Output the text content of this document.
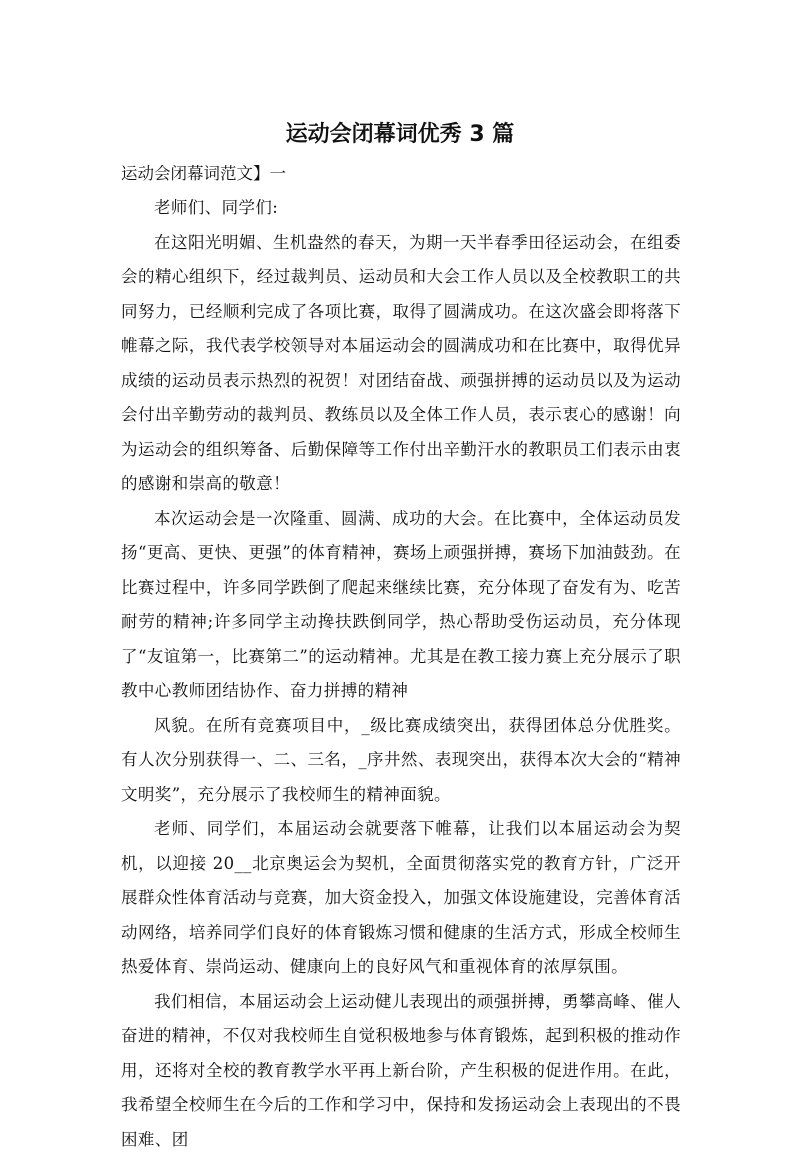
运动会闭幕词优秀 3 篇

运动会闭幕词范文】一

老师们、同学们:

在这阳光明媚、生机盎然的春天，为期一天半春季田径运动会，在组委会的精心组织下，经过裁判员、运动员和大会工作人员以及全校教职工的共同努力，已经顺利完成了各项比赛，取得了圆满成功。在这次盛会即将落下帷幕之际，我代表学校领导对本届运动会的圆满成功和在比赛中，取得优异成绩的运动员表示热烈的祝贺！对团结奋战、顽强拼搏的运动员以及为运动会付出辛勤劳动的裁判员、教练员以及全体工作人员，表示衷心的感谢！向为运动会的组织筹备、后勤保障等工作付出辛勤汗水的教职员工们表示由衷的感谢和崇高的敬意！

本次运动会是一次隆重、圆满、成功的大会。在比赛中，全体运动员发扬“更高、更快、更强”的体育精神，赛场上顽强拼搏，赛场下加油鼓劲。在比赛过程中，许多同学跌倒了爬起来继续比赛，充分体现了奋发有为、吃苦耐劳的精神;许多同学主动搀扶跌倒同学，热心帮助受伤运动员，充分体现了“友谊第一，比赛第二”的运动精神。尤其是在教工接力赛上充分展示了职教中心教师团结协作、奋力拼搏的精神

风貌。在所有竞赛项目中，_级比赛成绩突出，获得团体总分优胜奖。有人次分别获得一、二、三名，_序井然、表现突出，获得本次大会的“精神文明奖”，充分展示了我校师生的精神面貌。

老师、同学们，本届运动会就要落下帷幕，让我们以本届运动会为契机，以迎接 20__北京奥运会为契机，全面贯彻落实党的教育方针，广泛开展群众性体育活动与竞赛，加大资金投入，加强文体设施建设，完善体育活动网络，培养同学们良好的体育锻炼习惯和健康的生活方式，形成全校师生热爱体育、崇尚运动、健康向上的良好风气和重视体育的浓厚氛围。

我们相信，本届运动会上运动健儿表现出的顽强拼搏，勇攀高峰、催人奋进的精神，不仅对我校师生自觉积极地参与体育锻炼，起到积极的推动作用，还将对全校的教育教学水平再上新台阶，产生积极的促进作用。在此，我希望全校师生在今后的工作和学习中，保持和发扬运动会上表现出的不畏困难、团
